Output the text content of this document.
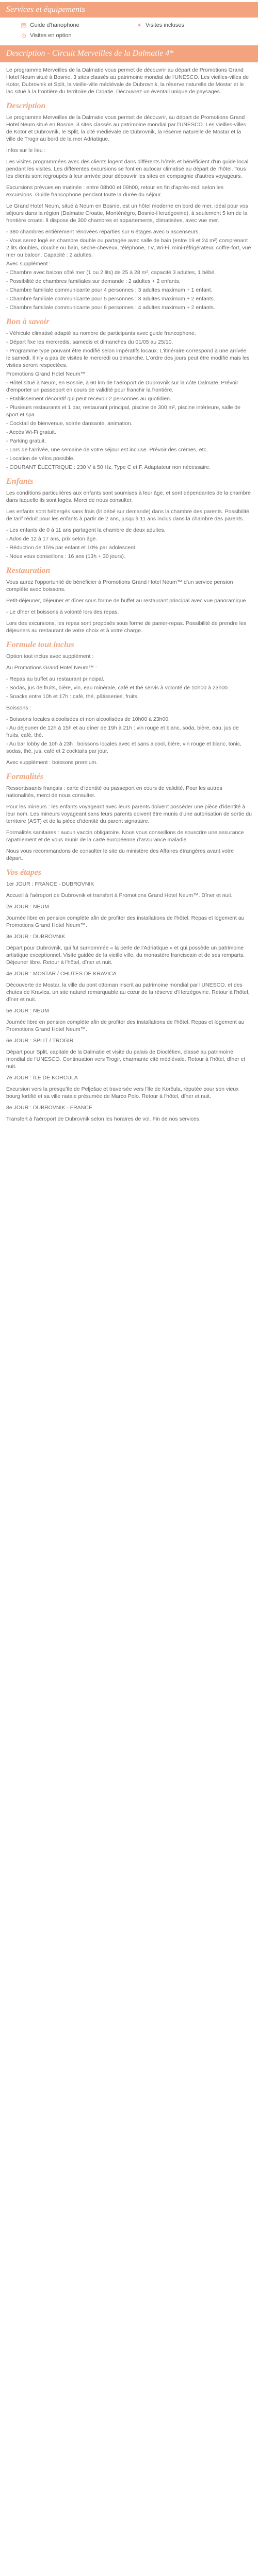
Services et équipements
▤ Guide d'hanophone	✦ Visites incluses
⊙ Visites en option
Description - Circuit Merveilles de la Dalmatie 4*

Le programme Merveilles de la Dalmatie vous permet de découvrir au départ de Promotions Grand Hotel Neum situé à Bosnie, 3 sites classés au patrimoine mondial de l'UNESCO. Les vieilles-villes de Kotor, Dubrovnik et Split, la vieille-ville médiévale de Dubrovnik, la réserve naturelle de Mostar et le lac situé à la frontière du territoire de Croatie. Découvrez un éventail unique de paysages.

Description

Le programme Merveilles de la Dalmatie vous permet de découvrir, au départ de Promotions Grand Hotel Neum situé en Bosnie, 3 sites classés au patrimoine mondial par l'UNESCO. Les vieilles-villes de Kotor et Dubrovnik, le Split, la cité médiévale de Dubrovnik, la réserve naturelle de Mostar et la ville de Trogir au bord de la mer Adriatique.

Infos sur le lieu :

Les visites programmées avec des clients logent dans différents hôtels et bénéficient d'un guide local pendant les visites. Les différentes excursions se font en autocar climatisé au départ de l'hôtel. Tous les clients sont regroupés à leur arrivée pour découvrir les sites en compagnie d'autres voyageurs.

Excursions prévues en matinée : entre 08h00 et 09h00, retour en fin d'après-midi selon les excursions. Guide francophone pendant toute la durée du séjour.

Le Grand Hotel Neum, situé à Neum en Bosnie, est un hôtel moderne en bord de mer, idéal pour vos séjours dans la région (Dalmatie Croatie, Monténégro, Bosnie-Herzégovine), à seulement 5 km de la frontière croate. Il dispose de 300 chambres et appartements, climatisées, avec vue mer.

- 380 chambres entièrement rénovées réparties sur 6 étages avec 5 ascenseurs.
- Vous serez logé en chambre double ou partagée avec salle de bain (entre 19 et 24 m²) comprenant 2 lits doubles, douche ou bain, sèche-cheveux, téléphone, TV, Wi-Fi, mini-réfrigérateur, coffre-fort, vue mer ou balcon. Capacité : 2 adultes.
Avec supplément :
- Chambre avec balcon côté mer (1 ou 2 lits) de 25 à 28 m², capacité 3 adultes, 1 bébé.
- Possibilité de chambres familiales sur demande : 2 adultes + 2 enfants.
- Chambre familiale communicante pour 4 personnes : 3 adultes maximum + 1 enfant.
- Chambre familiale communicante pour 5 personnes : 3 adultes maximum + 2 enfants.
- Chambre familiale communicante pour 6 personnes : 4 adultes maximum + 2 enfants.
Bon à savoir
- Véhicule climatisé adapté au nombre de participants avec guide francophone.
- Départ fixe les mercredis, samedis et dimanches du 01/05 au 25/10.
- Programme type pouvant être modifié selon impératifs locaux. L'itinéraire correspond à une arrivée le samedi. Il n'y a pas de visites le mercredi ou dimanche. L'ordre des jours peut être modifié mais les visites seront respectées.
Promotions Grand Hotel Neum™ :
- Hôtel situé à Neum, en Bosnie, à 60 km de l'aéroport de Dubrovnik sur la côte Dalmate. Prévoir d'emporter un passeport en cours de validité pour franchir la frontière.
- Établissement décoratif qui peut recevoir 2 personnes au quotidien.
- Plusieurs restaurants et 1 bar, restaurant principal, piscine de 300 m², piscine intérieure, salle de sport et spa.
- Cocktail de bienvenue, soirée dansante, animation.
- Accès Wi-Fi gratuit.
- Parking gratuit.
- Lors de l'arrivée, une semaine de votre séjour est incluse. Prévoir des crèmes, etc.
- Location de vélos possible.
- COURANT ÉLECTRIQUE : 230 V à 50 Hz. Type C et F. Adaptateur non nécessaire.
Enfants

Les conditions particulières aux enfants sont soumises à leur âge, et sont dépendantes de la chambre dans laquelle ils sont logés. Merci de nous consulter.

Les enfants sont hébergés sans frais (lit bébé sur demande) dans la chambre des parents. Possibilité de tarif réduit pour les enfants à partir de 2 ans, jusqu'à 11 ans inclus dans la chambre des parents.

- Les enfants de 0 à 11 ans partagent la chambre de deux adultes.
- Ados de 12 à 17 ans, prix selon âge.
- Réduction de 15% par enfant et 10% par adolescent.
- Nous vous conseillons : 16 ans (13h + 30 jours).
Restauration

Vous aurez l'opportunité de bénéficier à Promotions Grand Hotel Neum™ d'un service pension complète avec boissons.

Petit-déjeuner, déjeuner et dîner sous forme de buffet au restaurant principal avec vue panoramique.

- Le dîner et boissons à volonté lors des repas.

Lors des excursions, les repas sont proposés sous forme de panier-repas. Possibilité de prendre les déjeuners au restaurant de votre choix et à votre charge.

Formule tout inclus

Option tout inclus avec supplément :

Au Promotions Grand Hotel Neum™ :

- Repas au buffet au restaurant principal.
- Sodas, jus de fruits, bière, vin, eau minérale, café et thé servis à volonté de 10h00 à 23h00.
- Snacks entre 10h et 17h : café, thé, pâtisseries, fruits.

Boissons :

- Boissons locales alcoolisées et non alcoolisées de 10h00 à 23h00.
- Au déjeuner de 12h à 15h et au dîner de 19h à 21h : vin rouge et blanc, soda, bière, eau, jus de fruits, café, thé.
- Au bar lobby de 10h à 23h : boissons locales avec et sans alcool, bière, vin rouge et blanc, tonic, sodas, thé, jus, café et 2 cocktails par jour.

Avec supplément : boissons premium.

Formalités

Ressortissants français : carte d'identité ou passeport en cours de validité. Pour les autres nationalités, merci de nous consulter.

Pour les mineurs : les enfants voyageant avec leurs parents doivent posséder une pièce d'identité à leur nom. Les mineurs voyageant sans leurs parents doivent être munis d'une autorisation de sortie du territoire (AST) et de la pièce d'identité du parent signataire.

Formalités sanitaires : aucun vaccin obligatoire. Nous vous conseillons de souscrire une assurance rapatriement et de vous munir de la carte européenne d'assurance maladie.

Nous vous recommandons de consulter le site du ministère des Affaires étrangères avant votre départ.

Vos étapes

1er JOUR : FRANCE - DUBROVNIK

Accueil à l'aéroport de Dubrovnik et transfert à Promotions Grand Hotel Neum™. Dîner et nuit.

2e JOUR : NEUM

Journée libre en pension complète afin de profiter des installations de l'hôtel. Repas et logement au Promotions Grand Hotel Neum™.

3e JOUR : DUBROVNIK

Départ pour Dubrovnik, qui fut surnommée « la perle de l'Adriatique » et qui possède un patrimoine artistique exceptionnel. Visite guidée de la vieille ville, du monastère franciscain et de ses remparts. Déjeuner libre. Retour à l'hôtel, dîner et nuit.

4e JOUR : MOSTAR / CHUTES DE KRAVICA

Découverte de Mostar, la ville du pont ottoman inscrit au patrimoine mondial par l'UNESCO, et des chutes de Kravica, un site naturel remarquable au cœur de la réserve d'Herzégovine. Retour à l'hôtel, dîner et nuit.

5e JOUR : NEUM

Journée libre en pension complète afin de profiter des installations de l'hôtel. Repas et logement au Promotions Grand Hotel Neum™.

6e JOUR : SPLIT / TROGIR

Départ pour Split, capitale de la Dalmatie et visite du palais de Dioclétien, classé au patrimoine mondial de l'UNESCO. Continuation vers Trogir, charmante cité médiévale. Retour à l'hôtel, dîner et nuit.

7e JOUR : ÎLE DE KORCULA

Excursion vers la presqu'île de Pelješac et traversée vers l'île de Korčula, réputée pour son vieux bourg fortifié et sa ville natale présumée de Marco Polo. Retour à l'hôtel, dîner et nuit.

8e JOUR : DUBROVNIK - FRANCE

Transfert à l'aéroport de Dubrovnik selon les horaires de vol. Fin de nos services.
